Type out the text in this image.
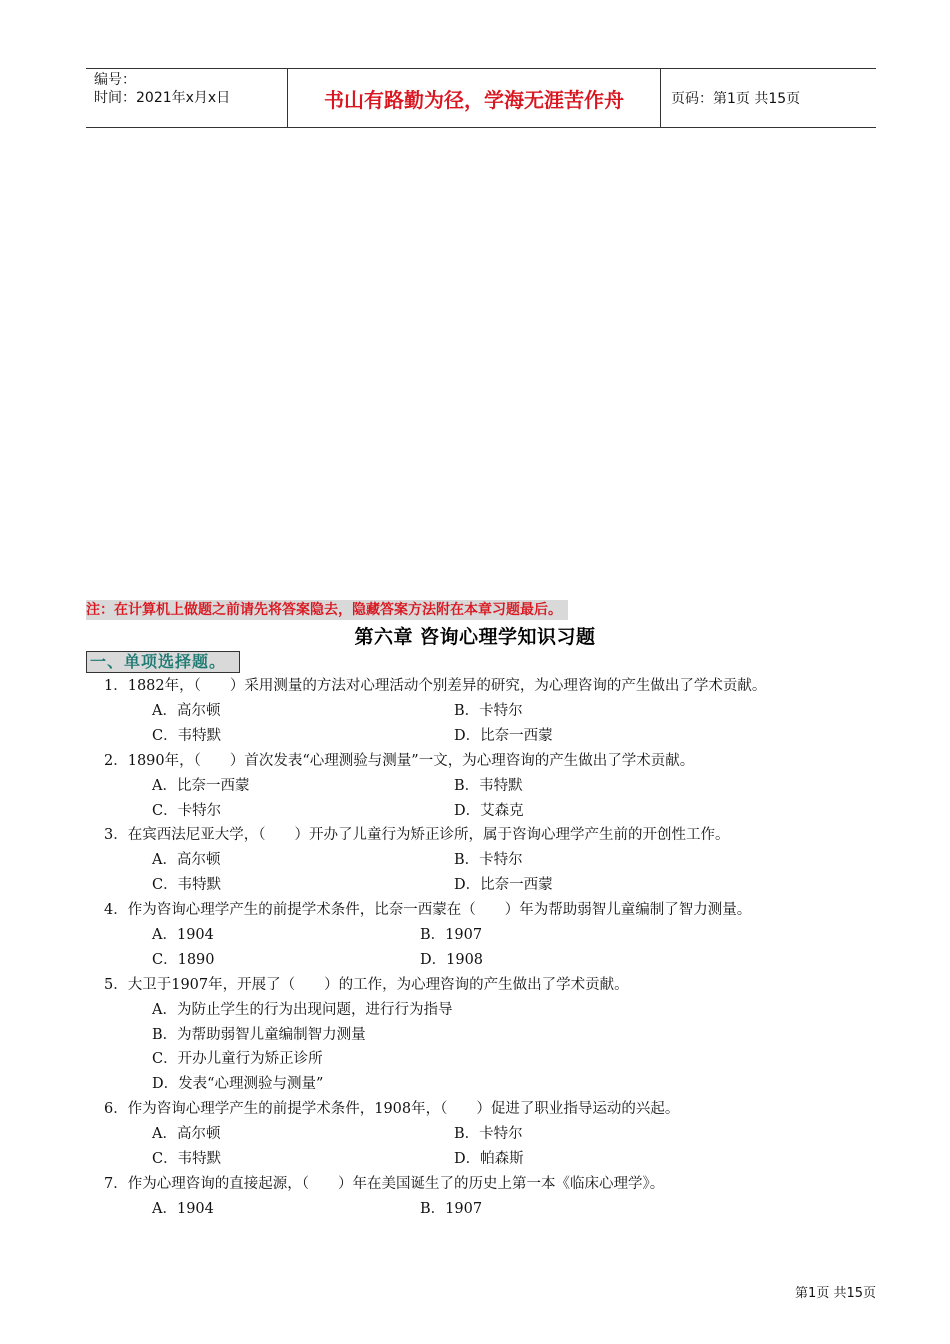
编号：
时间：2021年x月x日	书山有路勤为径，学海无涯苦作舟	页码：第1页 共15页
注：在计算机上做题之前请先将答案隐去，隐藏答案方法附在本章习题最后。
第六章 咨询心理学知识习题
一、单项选择题。
1．1882年，（　　）采用测量的方法对心理活动个别差异的研究，为心理咨询的产生做出了学术贡献。
A．高尔顿	B．卡特尔
C．韦特默	D．比奈一西蒙
2．1890年，（　　）首次发表“心理测验与测量”一文，为心理咨询的产生做出了学术贡献。
A．比奈一西蒙	B．韦特默
C．卡特尔	D．艾森克
3．在宾西法尼亚大学，（　　）开办了儿童行为矫正诊所，属于咨询心理学产生前的开创性工作。
A．高尔顿	B．卡特尔
C．韦特默	D．比奈一西蒙
4．作为咨询心理学产生的前提学术条件，比奈一西蒙在（　　）年为帮助弱智儿童编制了智力测量。
A．1904	B．1907
C．1890	D．1908
5．大卫于1907年，开展了（　　）的工作，为心理咨询的产生做出了学术贡献。
A．为防止学生的行为出现问题，进行行为指导
B．为帮助弱智儿童编制智力测量
C．开办儿童行为矫正诊所
D．发表“心理测验与测量”
6．作为咨询心理学产生的前提学术条件，1908年，（　　）促进了职业指导运动的兴起。
A．高尔顿	B．卡特尔
C．韦特默	D．帕森斯
7．作为心理咨询的直接起源，（　　）年在美国诞生了的历史上第一本《临床心理学》。
A．1904	B．1907
第1页 共15页
